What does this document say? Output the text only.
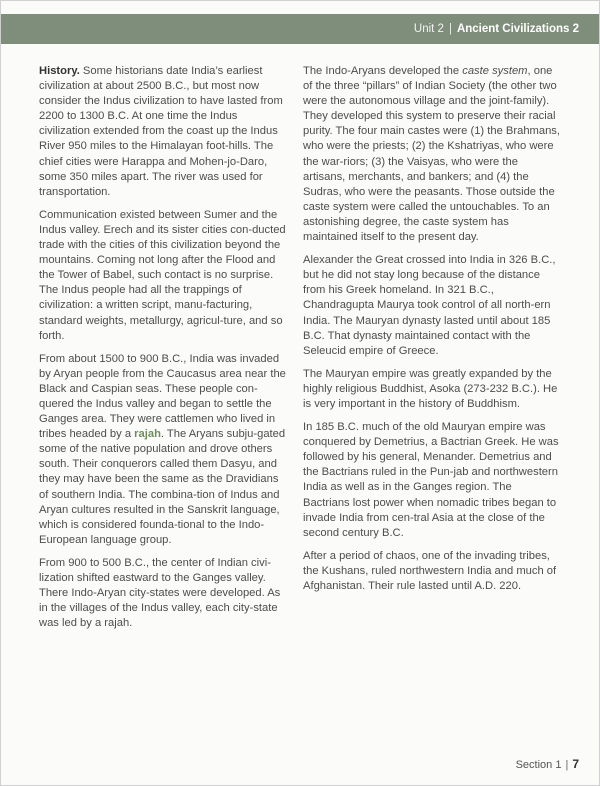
Unit 2 | Ancient Civilizations 2

History. Some historians date India’s earliest civilization at about 2500 B.C., but most now consider the Indus civilization to have lasted from 2200 to 1300 B.C. At one time the Indus civilization extended from the coast up the Indus River 950 miles to the Himalayan foot-hills. The chief cities were Harappa and Mohen-jo-Daro, some 350 miles apart. The river was used for transportation.

Communication existed between Sumer and the Indus valley. Erech and its sister cities con-ducted trade with the cities of this civilization beyond the mountains. Coming not long after the Flood and the Tower of Babel, such contact is no surprise. The Indus people had all the trappings of civilization: a written script, manu-facturing, standard weights, metallurgy, agricul-ture, and so forth.

From about 1500 to 900 B.C., India was invaded by Aryan people from the Caucasus area near the Black and Caspian seas. These people con-quered the Indus valley and began to settle the Ganges area. They were cattlemen who lived in tribes headed by a rajah. The Aryans subju-gated some of the native population and drove others south. Their conquerors called them Dasyu, and they may have been the same as the Dravidians of southern India. The combina-tion of Indus and Aryan cultures resulted in the Sanskrit language, which is considered founda-tional to the Indo-European language group.

From 900 to 500 B.C., the center of Indian civi-lization shifted eastward to the Ganges valley. There Indo-Aryan city-states were developed. As in the villages of the Indus valley, each city-state was led by a rajah.

The Indo-Aryans developed the caste system, one of the three “pillars” of Indian Society (the other two were the autonomous village and the joint-family). They developed this system to preserve their racial purity. The four main castes were (1) the Brahmans, who were the priests; (2) the Kshatriyas, who were the war-riors; (3) the Vaisyas, who were the artisans, merchants, and bankers; and (4) the Sudras, who were the peasants. Those outside the caste system were called the untouchables. To an astonishing degree, the caste system has maintained itself to the present day.

Alexander the Great crossed into India in 326 B.C., but he did not stay long because of the distance from his Greek homeland. In 321 B.C., Chandragupta Maurya took control of all north-ern India. The Mauryan dynasty lasted until about 185 B.C. That dynasty maintained contact with the Seleucid empire of Greece.

The Mauryan empire was greatly expanded by the highly religious Buddhist, Asoka (273-232 B.C.). He is very important in the history of Buddhism.

In 185 B.C. much of the old Mauryan empire was conquered by Demetrius, a Bactrian Greek. He was followed by his general, Menander. Demetrius and the Bactrians ruled in the Pun-jab and northwestern India as well as in the Ganges region. The Bactrians lost power when nomadic tribes began to invade India from cen-tral Asia at the close of the second century B.C.

After a period of chaos, one of the invading tribes, the Kushans, ruled northwestern India and much of Afghanistan. Their rule lasted until A.D. 220.

Section 1 | 7
